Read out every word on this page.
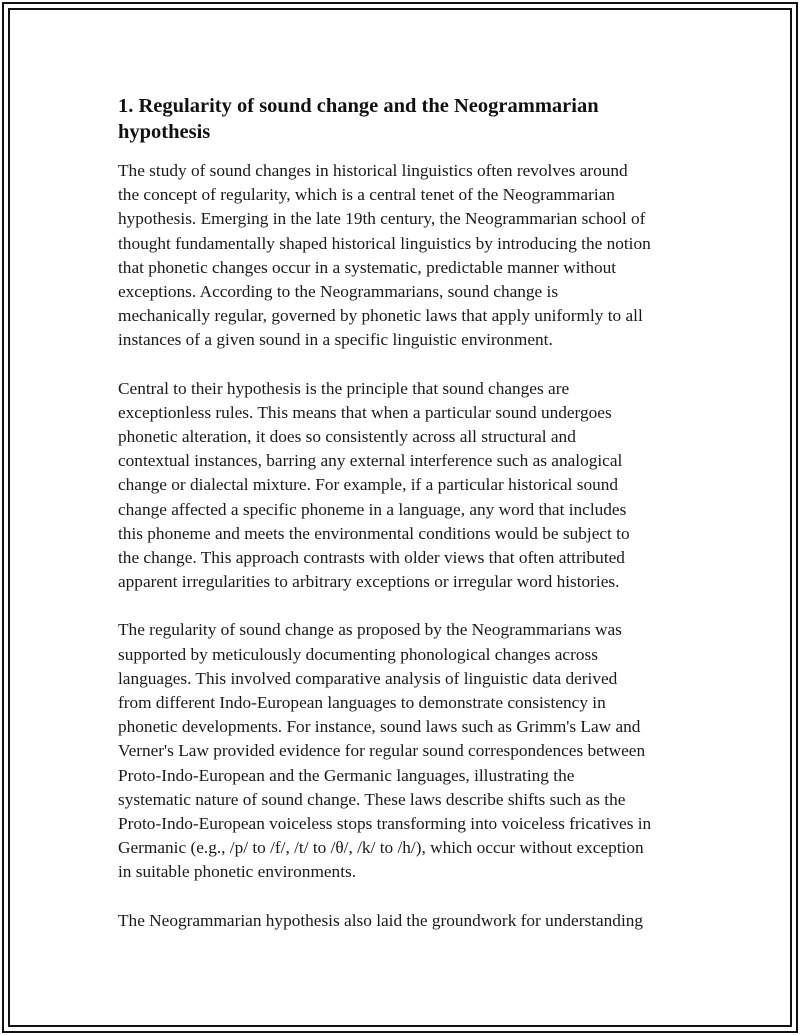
1. Regularity of sound change and the Neogrammarian hypothesis

The study of sound changes in historical linguistics often revolves around
the concept of regularity, which is a central tenet of the Neogrammarian
hypothesis. Emerging in the late 19th century, the Neogrammarian school of
thought fundamentally shaped historical linguistics by introducing the notion
that phonetic changes occur in a systematic, predictable manner without
exceptions. According to the Neogrammarians, sound change is
mechanically regular, governed by phonetic laws that apply uniformly to all
instances of a given sound in a specific linguistic environment.

Central to their hypothesis is the principle that sound changes are
exceptionless rules. This means that when a particular sound undergoes
phonetic alteration, it does so consistently across all structural and
contextual instances, barring any external interference such as analogical
change or dialectal mixture. For example, if a particular historical sound
change affected a specific phoneme in a language, any word that includes
this phoneme and meets the environmental conditions would be subject to
the change. This approach contrasts with older views that often attributed
apparent irregularities to arbitrary exceptions or irregular word histories.

The regularity of sound change as proposed by the Neogrammarians was
supported by meticulously documenting phonological changes across
languages. This involved comparative analysis of linguistic data derived
from different Indo-European languages to demonstrate consistency in
phonetic developments. For instance, sound laws such as Grimm's Law and
Verner's Law provided evidence for regular sound correspondences between
Proto-Indo-European and the Germanic languages, illustrating the
systematic nature of sound change. These laws describe shifts such as the
Proto-Indo-European voiceless stops transforming into voiceless fricatives in
Germanic (e.g., /p/ to /f/, /t/ to /θ/, /k/ to /h/), which occur without exception
in suitable phonetic environments.

The Neogrammarian hypothesis also laid the groundwork for understanding
